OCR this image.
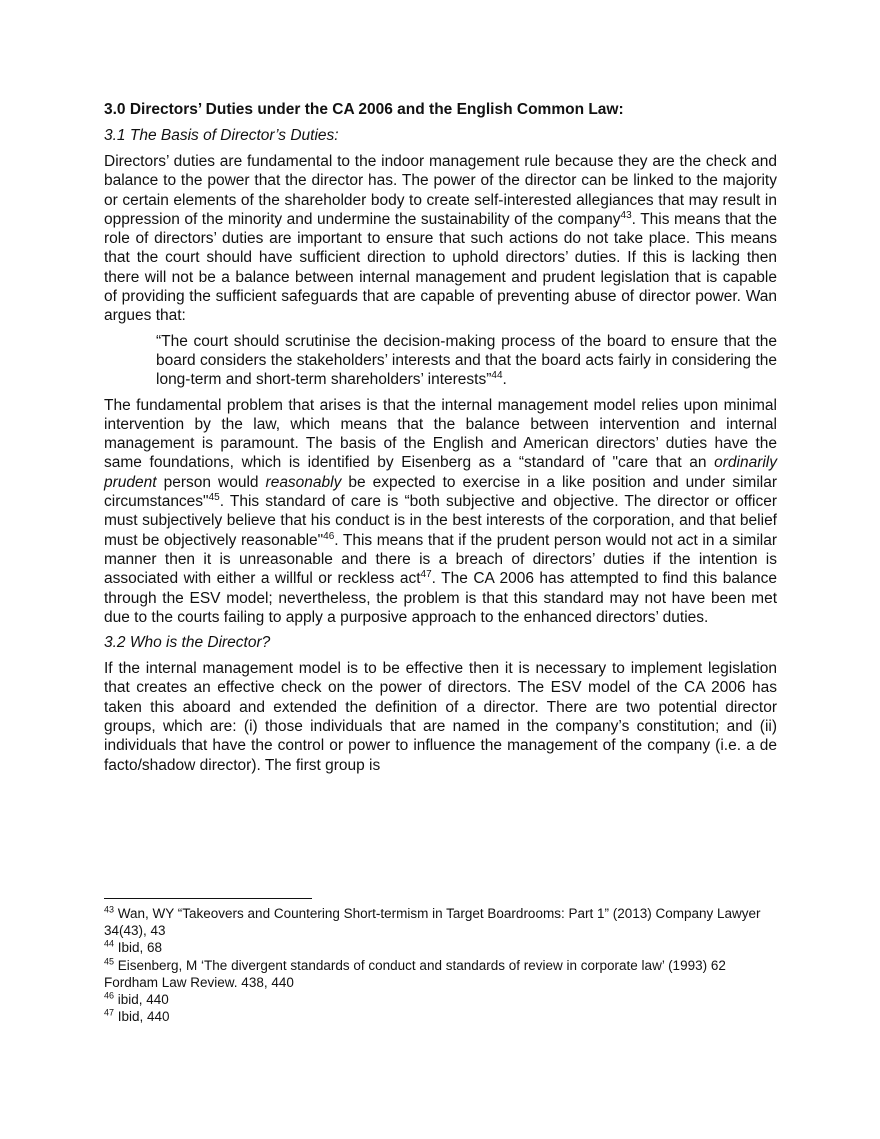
3.0 Directors’ Duties under the CA 2006 and the English Common Law:
3.1 The Basis of Director’s Duties:

Directors’ duties are fundamental to the indoor management rule because they are the check and balance to the power that the director has. The power of the director can be linked to the majority or certain elements of the shareholder body to create self-interested allegiances that may result in oppression of the minority and undermine the sustainability of the company$^{43}$. This means that the role of directors’ duties are important to ensure that such actions do not take place. This means that the court should have sufficient direction to uphold directors’ duties. If this is lacking then there will not be a balance between internal management and prudent legislation that is capable of providing the sufficient safeguards that are capable of preventing abuse of director power. Wan argues that:

“The court should scrutinise the decision-making process of the board to ensure that the board considers the stakeholders’ interests and that the board acts fairly in considering the long-term and short-term shareholders’ interests”$^{44}$.

The fundamental problem that arises is that the internal management model relies upon minimal intervention by the law, which means that the balance between intervention and internal management is paramount. The basis of the English and American directors’ duties have the same foundations, which is identified by Eisenberg as a “standard of "care that an ordinarily prudent person would reasonably be expected to exercise in a like position and under similar circumstances"$^{45}$. This standard of care is “both subjective and objective. The director or officer must subjectively believe that his conduct is in the best interests of the corporation, and that belief must be objectively reasonable"$^{46}$. This means that if the prudent person would not act in a similar manner then it is unreasonable and there is a breach of directors’ duties if the intention is associated with either a willful or reckless act$^{47}$. The CA 2006 has attempted to find this balance through the ESV model; nevertheless, the problem is that this standard may not have been met due to the courts failing to apply a purposive approach to the enhanced directors’ duties.

3.2 Who is the Director?

If the internal management model is to be effective then it is necessary to implement legislation that creates an effective check on the power of directors. The ESV model of the CA 2006 has taken this aboard and extended the definition of a director. There are two potential director groups, which are: (i) those individuals that are named in the company’s constitution; and (ii) individuals that have the control or power to influence the management of the company (i.e. a de facto/shadow director). The first group is

$^{43}$ Wan, WY “Takeovers and Countering Short-termism in Target Boardrooms: Part 1” (2013) Company Lawyer 34(43), 43
$^{44}$ Ibid, 68
$^{45}$ Eisenberg, M ‘The divergent standards of conduct and standards of review in corporate law’ (1993) 62 Fordham Law Review. 438, 440
$^{46}$ ibid, 440
$^{47}$ Ibid, 440
